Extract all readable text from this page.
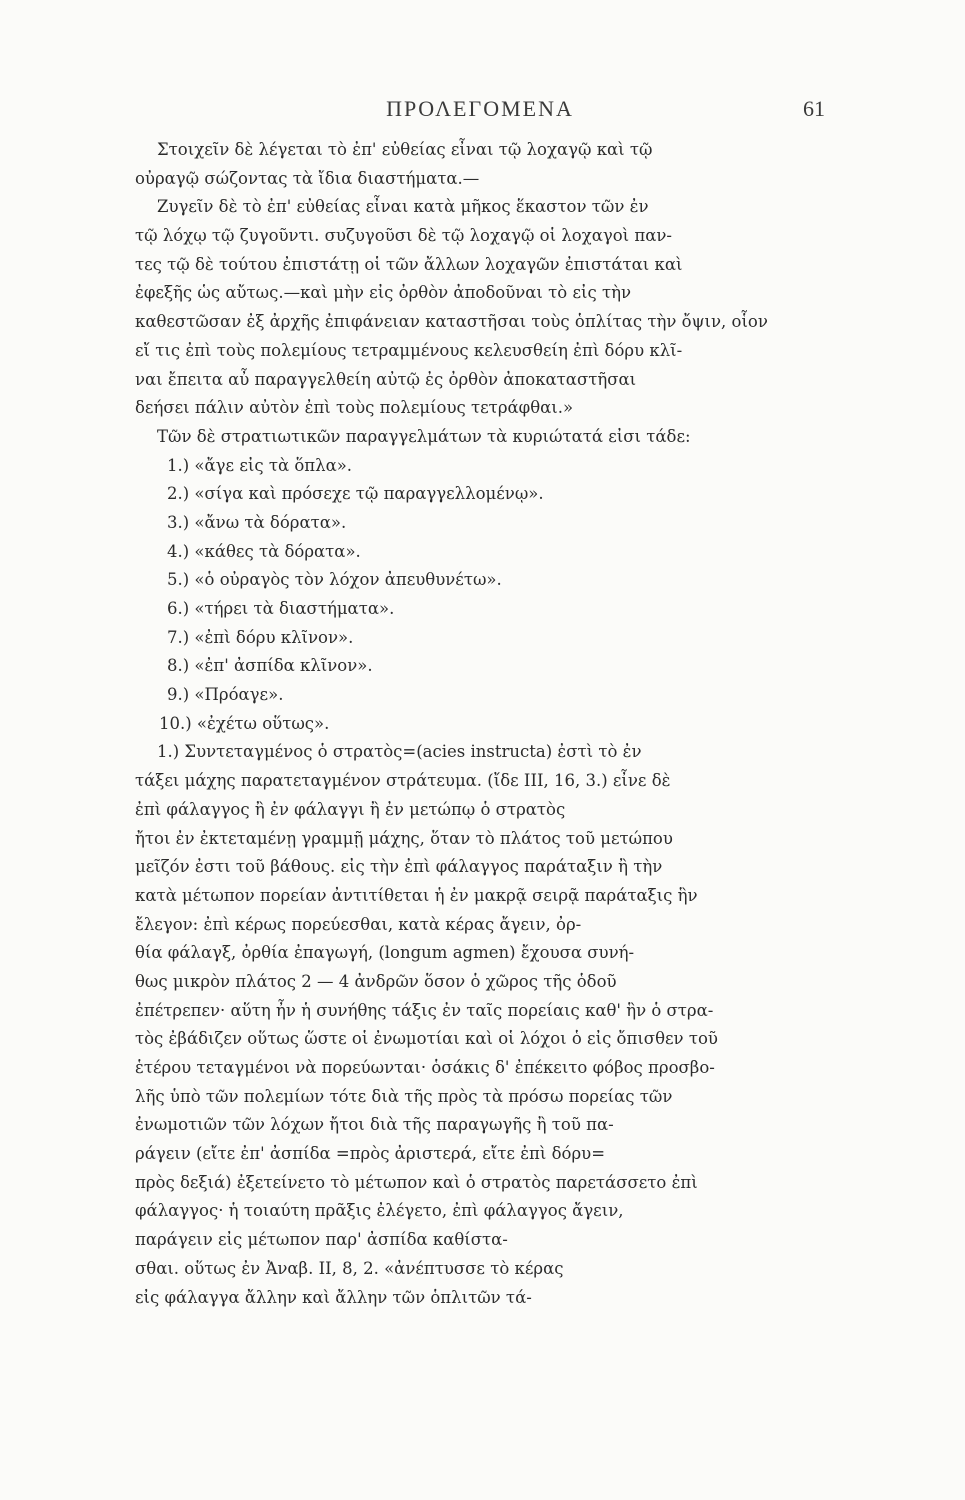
ΠΡΟΛΕΓΟΜΕΝΑ	61
Στοιχεῖν δὲ λέγεται τὸ ἐπ' εὐθείας εἶναι τῷ λοχαγῷ καὶ τῷ
οὐραγῷ σώζοντας τὰ ἴδια διαστήματα.—
Ζυγεῖν δὲ τὸ ἐπ' εὐθείας εἶναι κατὰ μῆκος ἕκαστον τῶν ἐν
τῷ λόχῳ τῷ ζυγοῦντι. συζυγοῦσι δὲ τῷ λοχαγῷ οἱ λοχαγοὶ παν-
τες τῷ δὲ τούτου ἐπιστάτῃ οἱ τῶν ἄλλων λοχαγῶν ἐπιστάται καὶ
ἐφεξῆς ὡς αὔτως.—καὶ μὴν εἰς ὀρθὸν ἀποδοῦναι τὸ εἰς τὴν
καθεστῶσαν ἐξ ἀρχῆς ἐπιφάνειαν καταστῆσαι τοὺς ὁπλίτας τὴν ὄψιν, οἷον
εἴ τις ἐπὶ τοὺς πολεμίους τετραμμένους κελευσθείη ἐπὶ δόρυ κλῖ-
ναι ἔπειτα αὖ παραγγελθείη αὐτῷ ἐς ὀρθὸν ἀποκαταστῆσαι
δεήσει πάλιν αὐτὸν ἐπὶ τοὺς πολεμίους τετράφθαι.»
Τῶν δὲ στρατιωτικῶν παραγγελμάτων τὰ κυριώτατά εἰσι τάδε:
1.) «ἄγε εἰς τὰ ὅπλα».
2.) «σίγα καὶ πρόσεχε τῷ παραγγελλομένῳ».
3.) «ἄνω τὰ δόρατα».
4.) «κάθες τὰ δόρατα».
5.) «ὁ οὐραγὸς τὸν λόχον ἀπευθυνέτω».
6.) «τήρει τὰ διαστήματα».
7.) «ἐπὶ δόρυ κλῖνον».
8.) «ἐπ' ἀσπίδα κλῖνον».
9.) «Πρόαγε».
10.) «ἐχέτω οὕτως».
1.) Συντεταγμένος ὁ στρατὸς=(acies instructa) ἐστὶ τὸ ἐν
τάξει μάχης παρατεταγμένον στράτευμα. (ἴδε III, 16, 3.) εἶνε δὲ
ἐπὶ φάλαγγος ἢ ἐν φάλαγγι ἢ ἐν μετώπῳ ὁ στρατὸς
ἤτοι ἐν ἐκτεταμένῃ γραμμῇ μάχης, ὅταν τὸ πλάτος τοῦ μετώπου
μεῖζόν ἐστι τοῦ βάθους. εἰς τὴν ἐπὶ φάλαγγος παράταξιν ἢ τὴν
κατὰ μέτωπον πορείαν ἀντιτίθεται ἡ ἐν μακρᾷ σειρᾷ παράταξις ἣν
ἔλεγον: ἐπὶ κέρως πορεύεσθαι, κατὰ κέρας ἄγειν, ὀρ-
θία φάλαγξ, ὀρθία ἐπαγωγή, (longum agmen) ἔχουσα συνή-
θως μικρὸν πλάτος 2 — 4 ἀνδρῶν ὅσον ὁ χῶρος τῆς ὁδοῦ
ἐπέτρεπεν· αὕτη ἦν ἡ συνήθης τάξις ἐν ταῖς πορείαις καθ' ἣν ὁ στρα-
τὸς ἐβάδιζεν οὕτως ὥστε οἱ ἐνωμοτίαι καὶ οἱ λόχοι ὁ εἰς ὄπισθεν τοῦ
ἑτέρου τεταγμένοι νὰ πορεύωνται· ὁσάκις δ' ἐπέκειτο φόβος προσβο-
λῆς ὑπὸ τῶν πολεμίων τότε διὰ τῆς πρὸς τὰ πρόσω πορείας τῶν
ἐνωμοτιῶν τῶν λόχων ἤτοι διὰ τῆς παραγωγῆς ἢ τοῦ πα-
ράγειν (εἴτε ἐπ' ἀσπίδα =πρὸς ἀριστερά, εἴτε ἐπὶ δόρυ=
πρὸς δεξιά) ἐξετείνετο τὸ μέτωπον καὶ ὁ στρατὸς παρετάσσετο ἐπὶ
φάλαγγος· ἡ τοιαύτη πρᾶξις ἐλέγετο, ἐπὶ φάλαγγος ἄγειν,
παράγειν εἰς μέτωπον παρ' ἀσπίδα καθίστα-
σθαι. οὕτως ἐν Ἀναβ. II, 8, 2. «ἀνέπτυσσε τὸ κέρας
εἰς φάλαγγα ἄλλην καὶ ἄλλην τῶν ὁπλιτῶν τά-
